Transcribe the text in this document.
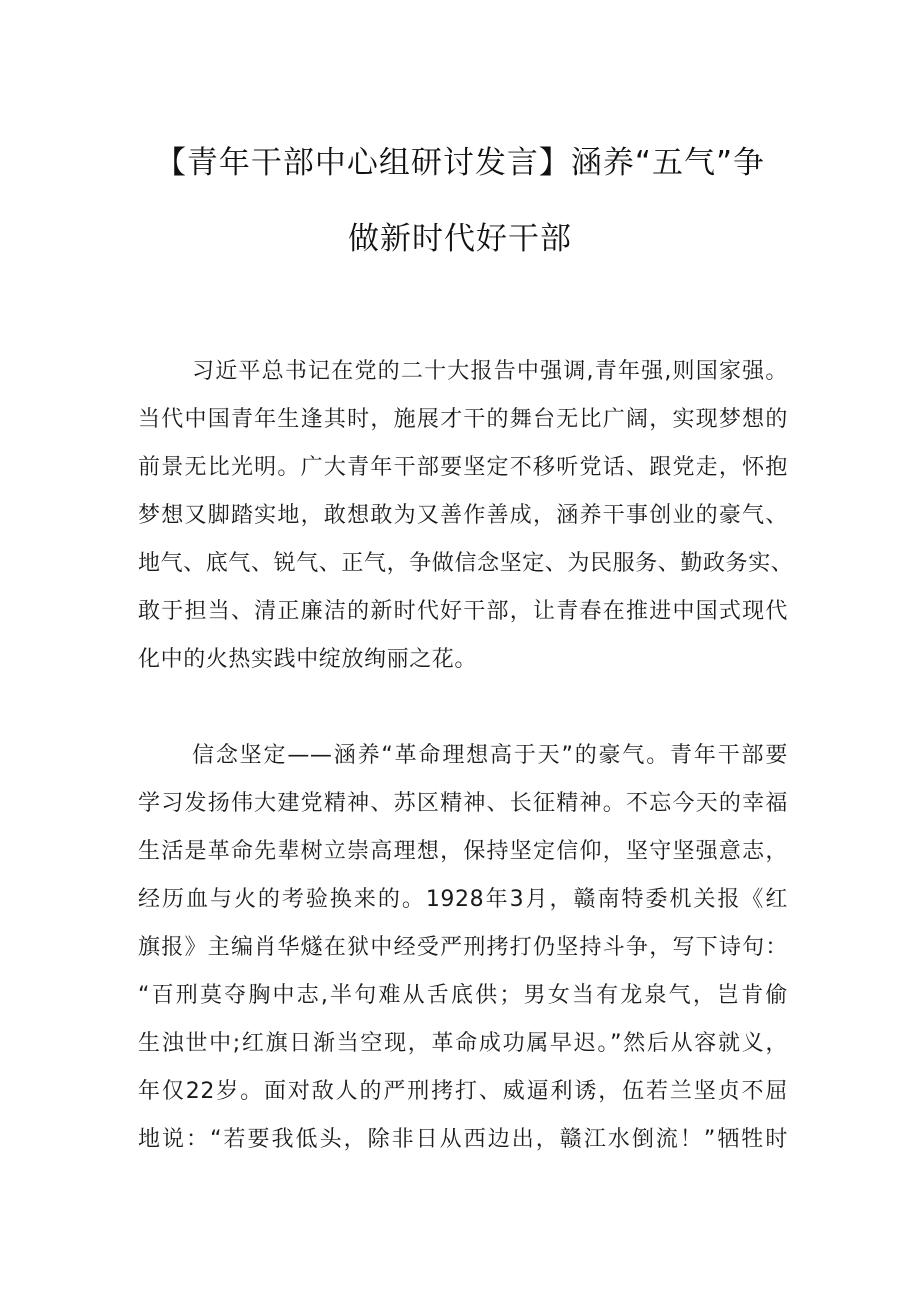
【青年干部中心组研讨发言】涵养“五气”争
做新时代好干部
习近平总书记在党的二十大报告中强调,青年强,则国家强。
当代中国青年生逢其时，施展才干的舞台无比广阔，实现梦想的
前景无比光明。广大青年干部要坚定不移听党话、跟党走，怀抱
梦想又脚踏实地，敢想敢为又善作善成，涵养干事创业的豪气、
地气、底气、锐气、正气，争做信念坚定、为民服务、勤政务实、
敢于担当、清正廉洁的新时代好干部，让青春在推进中国式现代
化中的火热实践中绽放绚丽之花。
信念坚定——涵养“革命理想高于天”的豪气。青年干部要
学习发扬伟大建党精神、苏区精神、长征精神。不忘今天的幸福
生活是革命先辈树立崇高理想，保持坚定信仰，坚守坚强意志，
经历血与火的考验换来的。1928年3月，赣南特委机关报《红
旗报》主编肖华燧在狱中经受严刑拷打仍坚持斗争，写下诗句：
“百刑莫夺胸中志,半句难从舌底供；男女当有龙泉气，岂肯偷
生浊世中;红旗日渐当空现，革命成功属早迟。”然后从容就义，
年仅22岁。面对敌人的严刑拷打、威逼利诱，伍若兰坚贞不屈
地说：“若要我低头，除非日从西边出，赣江水倒流！”牺牲时
